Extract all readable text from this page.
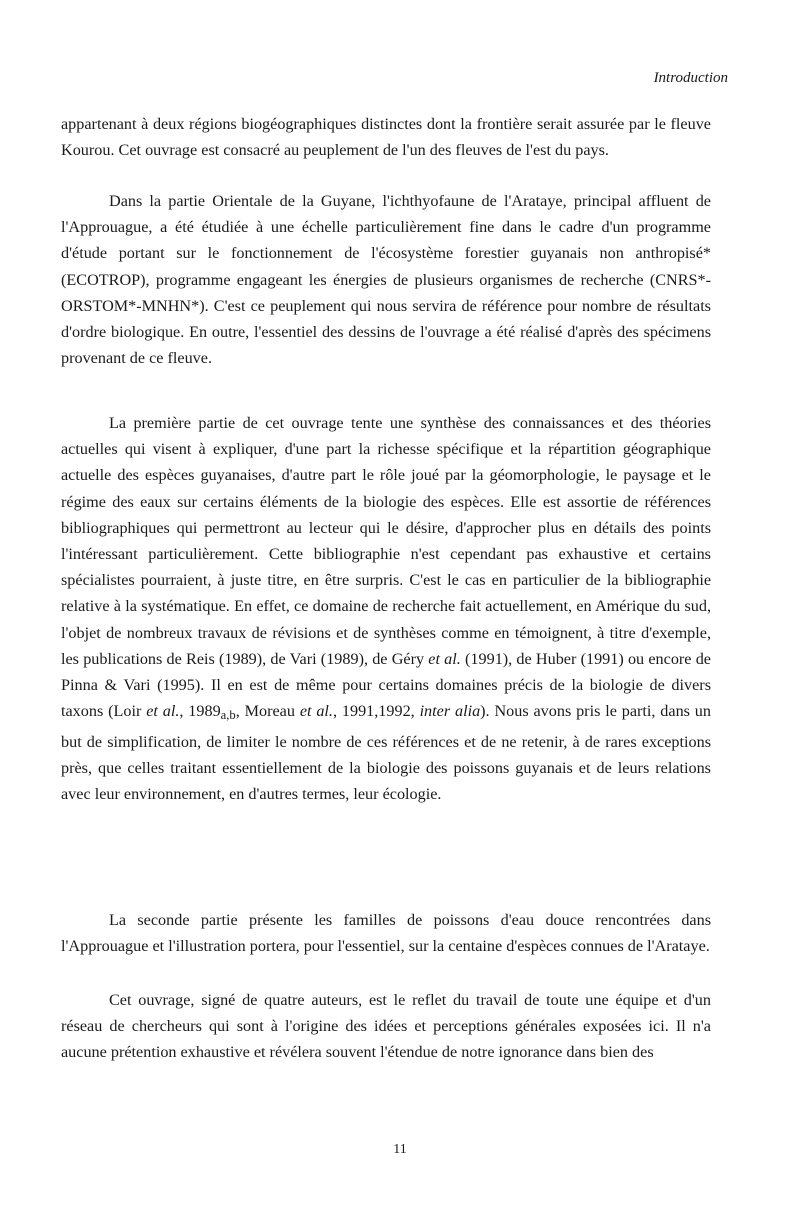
Introduction

appartenant à deux régions biogéographiques distinctes dont la frontière serait assurée par le fleuve Kourou. Cet ouvrage est consacré au peuplement de l'un des fleuves de l'est du pays.

Dans la partie Orientale de la Guyane, l'ichthyofaune de l'Arataye, principal affluent de l'Approuague, a été étudiée à une échelle particulièrement fine dans le cadre d'un programme d'étude portant sur le fonctionnement de l'écosystème forestier guyanais non anthropisé* (ECOTROP), programme engageant les énergies de plusieurs organismes de recherche (CNRS*-ORSTOM*-MNHN*). C'est ce peuplement qui nous servira de référence pour nombre de résultats d'ordre biologique. En outre, l'essentiel des dessins de l'ouvrage a été réalisé d'après des spécimens provenant de ce fleuve.

La première partie de cet ouvrage tente une synthèse des connaissances et des théories actuelles qui visent à expliquer, d'une part la richesse spécifique et la répartition géographique actuelle des espèces guyanaises, d'autre part le rôle joué par la géomorphologie, le paysage et le régime des eaux sur certains éléments de la biologie des espèces. Elle est assortie de références bibliographiques qui permettront au lecteur qui le désire, d'approcher plus en détails des points l'intéressant particulièrement. Cette bibliographie n'est cependant pas exhaustive et certains spécialistes pourraient, à juste titre, en être surpris. C'est le cas en particulier de la bibliographie relative à la systématique. En effet, ce domaine de recherche fait actuellement, en Amérique du sud, l'objet de nombreux travaux de révisions et de synthèses comme en témoignent, à titre d'exemple, les publications de Reis (1989), de Vari (1989), de Géry et al. (1991), de Huber (1991) ou encore de Pinna & Vari (1995). Il en est de même pour certains domaines précis de la biologie de divers taxons (Loir et al., $1989_{a,b}$, Moreau et al., 1991,1992, inter alia). Nous avons pris le parti, dans un but de simplification, de limiter le nombre de ces références et de ne retenir, à de rares exceptions près, que celles traitant essentiellement de la biologie des poissons guyanais et de leurs relations avec leur environnement, en d'autres termes, leur écologie.

La seconde partie présente les familles de poissons d'eau douce rencontrées dans l'Approuague et l'illustration portera, pour l'essentiel, sur la centaine d'espèces connues de l'Arataye.

Cet ouvrage, signé de quatre auteurs, est le reflet du travail de toute une équipe et d'un réseau de chercheurs qui sont à l'origine des idées et perceptions générales exposées ici. Il n'a aucune prétention exhaustive et révélera souvent l'étendue de notre ignorance dans bien des

11
